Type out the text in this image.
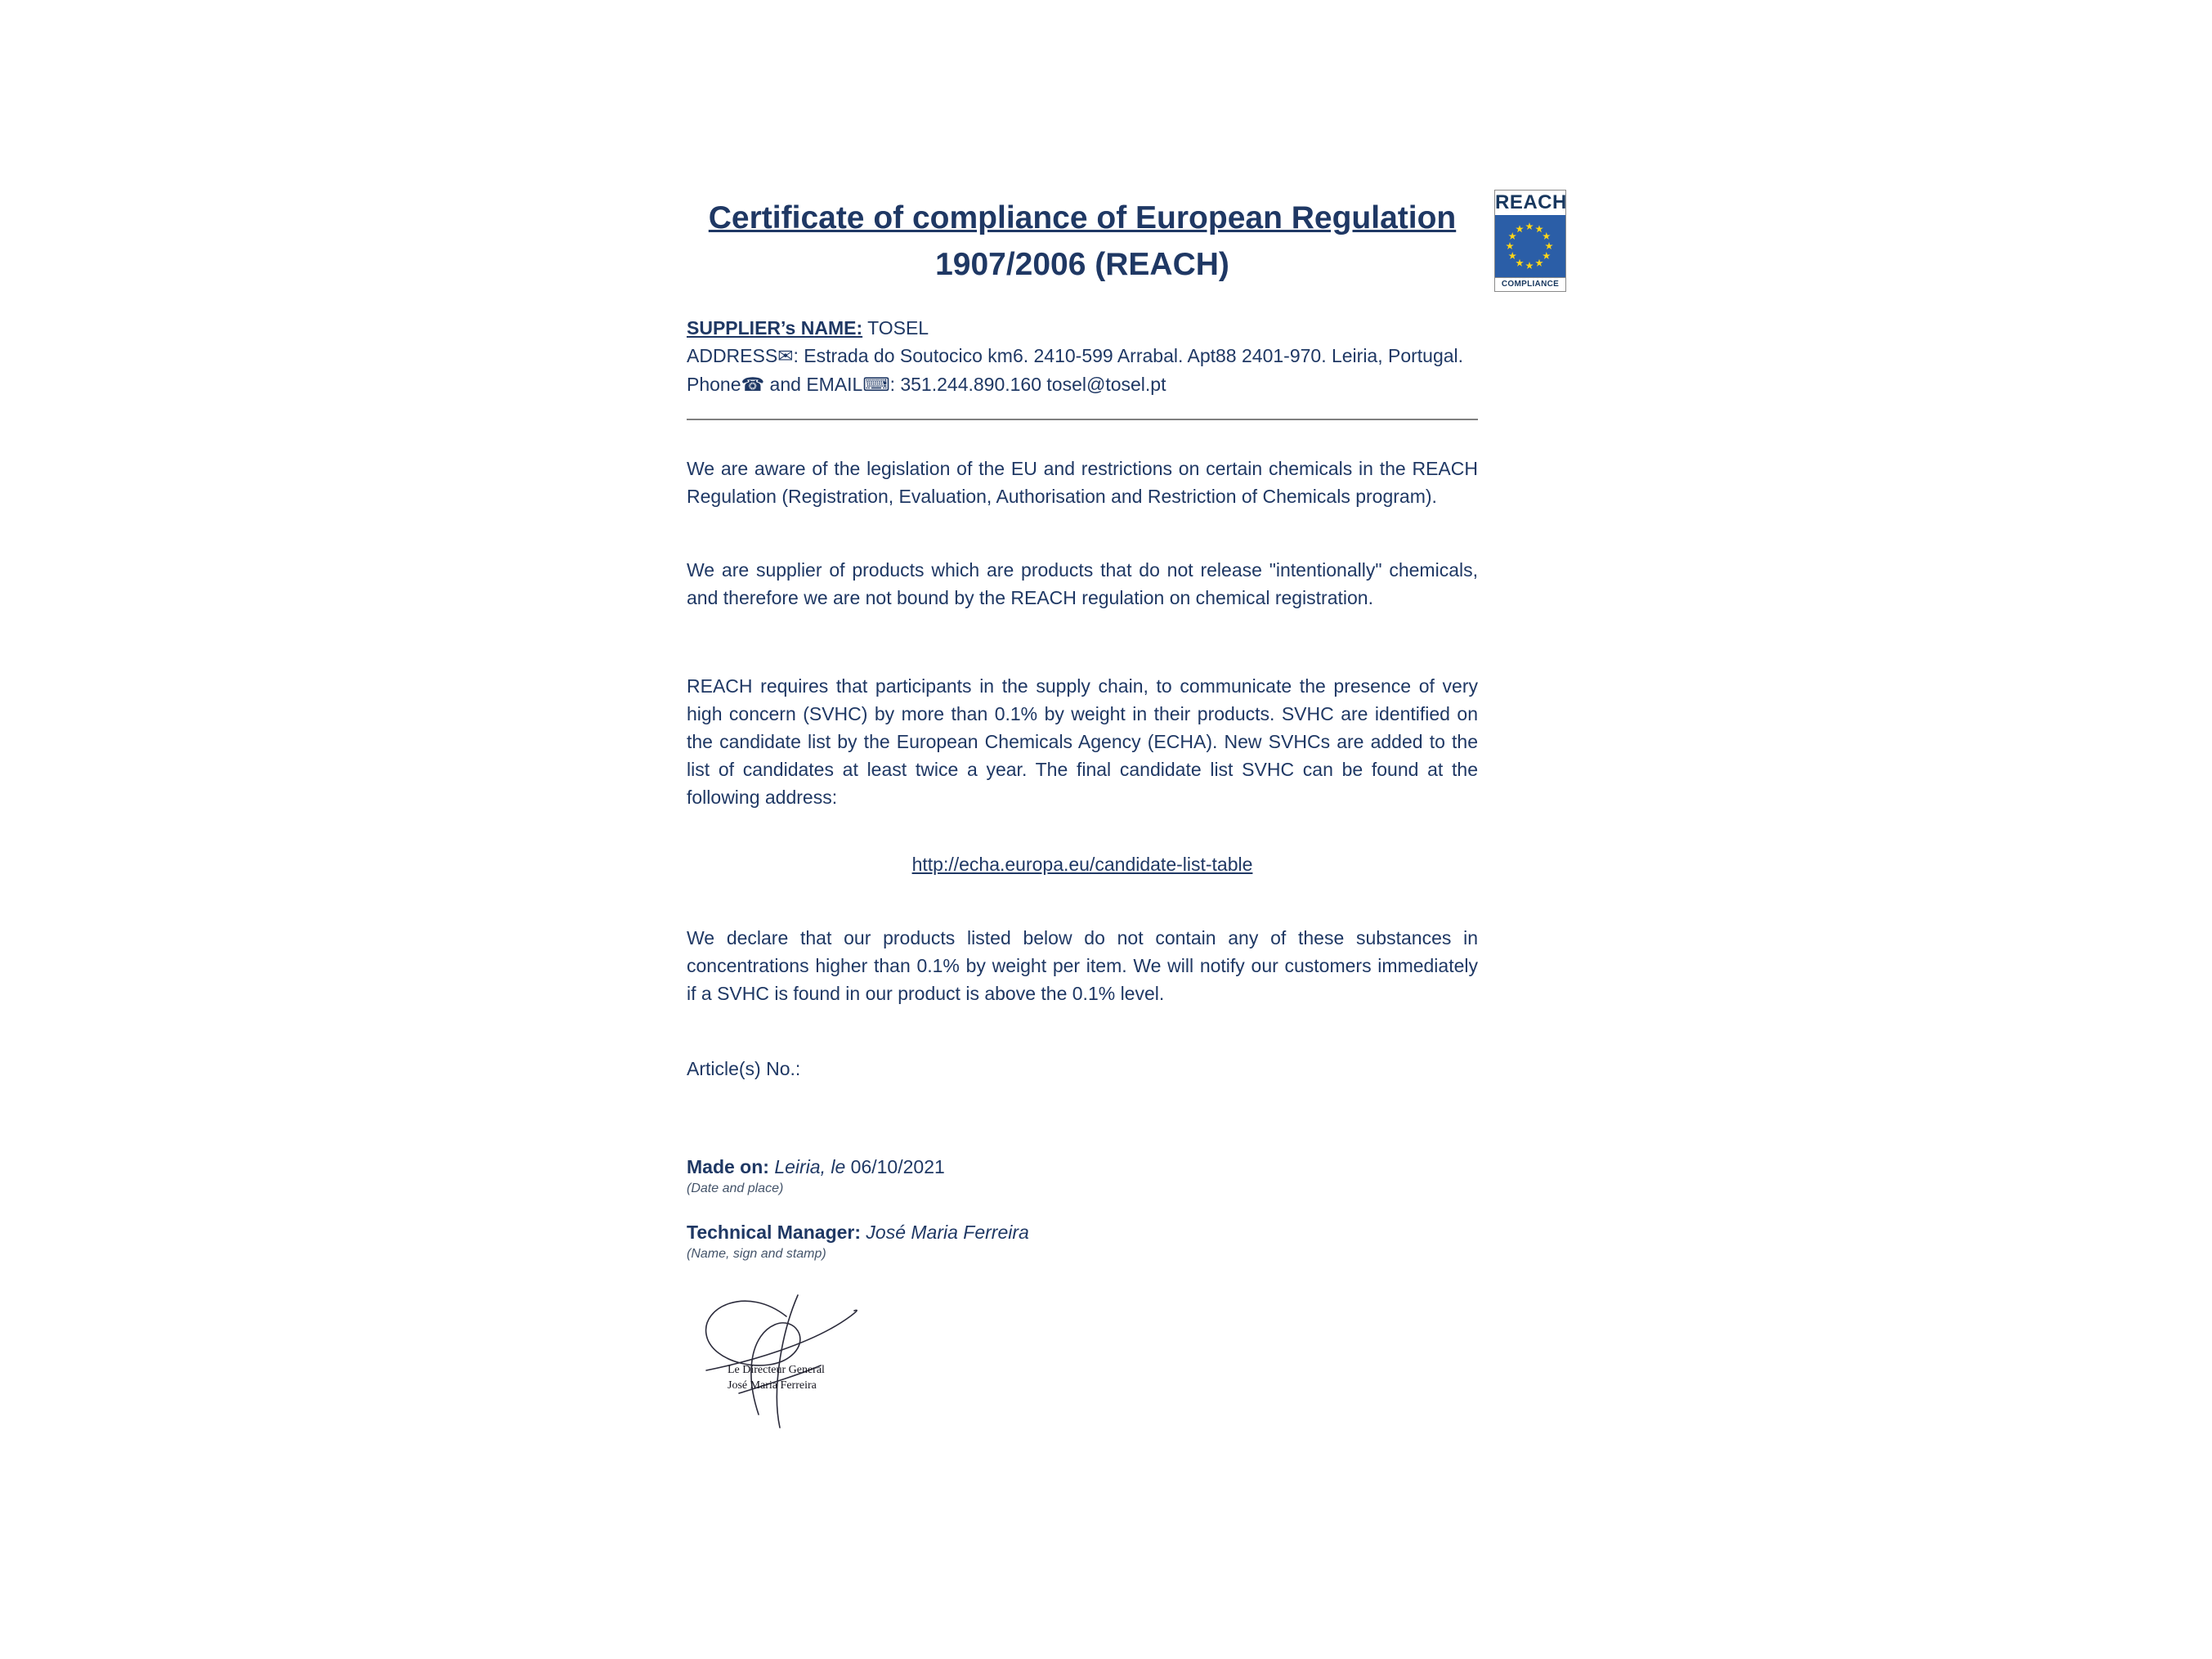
REACH
COMPLIANCE
Certificate of compliance of European Regulation
1907/2006 (REACH)

SUPPLIER’s NAME: TOSEL

ADDRESS✉: Estrada do Soutocico km6. 2410-599 Arrabal. Apt88 2401-970. Leiria, Portugal.

Phone☎ and EMAIL⌨: 351.244.890.160 tosel@tosel.pt

We are aware of the legislation of the EU and restrictions on certain chemicals in the REACH Regulation (Registration, Evaluation, Authorisation and Restriction of Chemicals program).

We are supplier of products which are products that do not release "intentionally" chemicals, and therefore we are not bound by the REACH regulation on chemical registration.

REACH requires that participants in the supply chain, to communicate the presence of very high concern (SVHC) by more than 0.1% by weight in their products. SVHC are identified on the candidate list by the European Chemicals Agency (ECHA). New SVHCs are added to the list of candidates at least twice a year. The final candidate list SVHC can be found at the following address:

http://echa.europa.eu/candidate-list-table

We declare that our products listed below do not contain any of these substances in concentrations higher than 0.1% by weight per item. We will notify our customers immediately if a SVHC is found in our product is above the 0.1% level.

Article(s) No.:

Made on: Leiria, le 06/10/2021

(Date and place)

Technical Manager: José Maria Ferreira

(Name, sign and stamp)

Le Directeur General
José Maria Ferreira
